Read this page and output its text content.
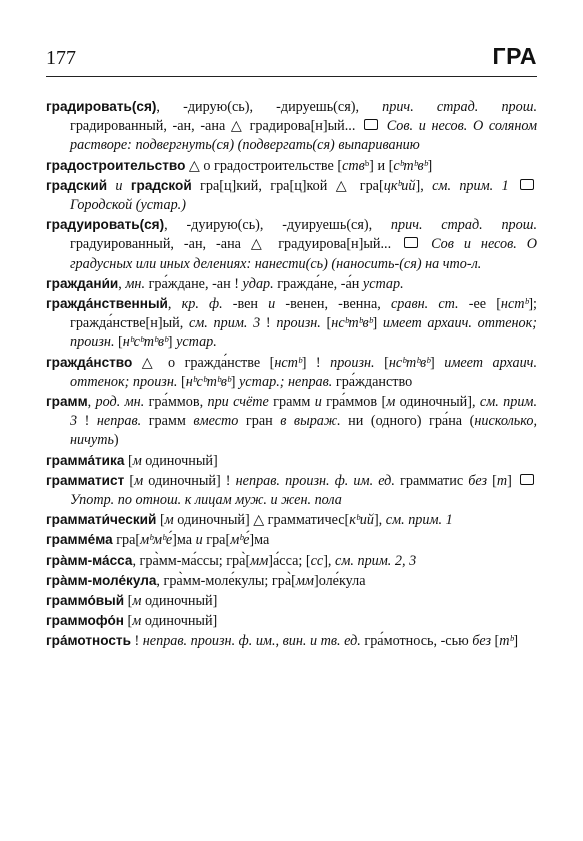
177	ГРА

градировать(ся), -дирую(сь), -дируешь(ся), прич. страд. прош. градированный, -ан, -ана △ градирова[н]ый...  Сов. и несов. О соляном растворе: подвергнуть(ся) (подвергать(ся) выпариванию

градостроительство △ о градостроительстве [ствᵇ] и [сᵇтᵇвᵇ]

градский и градской гра[ц]кий, гра[ц]кой △ гра[цкᵇий], см. прим. 1  Городской (устар.)

градуировать(ся), -дуирую(сь), -дуируешь(ся), прич. страд. прош. градуированный, -ан, -ана △ градуирова[н]ый...  Сов и несов. О градусных или иных делениях: нанести(сь) (наносить-(ся) на что-л.

граждани́и, мн. гра́ждане, -ан ! удар. гражда́не, -а́н устар.

гражда́нственный, кр. ф. -вен и -венен, -венна, сравн. ст. -ее [нстᵇ]; гражда́нстве[н]ый, см. прим. 3 ! произн. [нсᵇтᵇвᵇ] имеет архаич. оттенок; произн. [нᵇсᵇтᵇвᵇ] устар.

гражда́нство △ о гражда́нстве [нстᵇ] ! произн. [нсᵇтᵇвᵇ] имеет архаич. оттенок; произн. [нᵇсᵇтᵇвᵇ] устар.; неправ. гра́жданство

грамм, род. мн. гра́ммов, при счёте грамм и гра́ммов [м одиночный], см. прим. 3 ! неправ. грамм вместо гран в выраж. ни (одного) гра́на (нисколько, ничуть)

грамма́тика [м одиночный]

грамматист [м одиночный] ! неправ. произн. ф. им. ед. грамматис без [т]  Употр. по отнош. к лицам муж. и жен. пола

граммати́ческий [м одиночный] △ грамматичес[кᵇий], см. прим. 1

грамме́ма гра[мᵇмᵇе́]ма и гра[мᵇе́]ма

гра̀мм-ма́сса, гра̀мм-ма́ссы; гра̀[мм]а́сса; [сс], см. прим. 2, 3

гра̀мм-моле́кула, гра̀мм-моле́кулы; гра̀[мм]оле́кула

граммо́вый [м одиночный]

граммофо́н [м одиночный]

гра́мотность ! неправ. произн. ф. им., вин. и тв. ед. гра́мотнось, -сью без [тᵇ]
